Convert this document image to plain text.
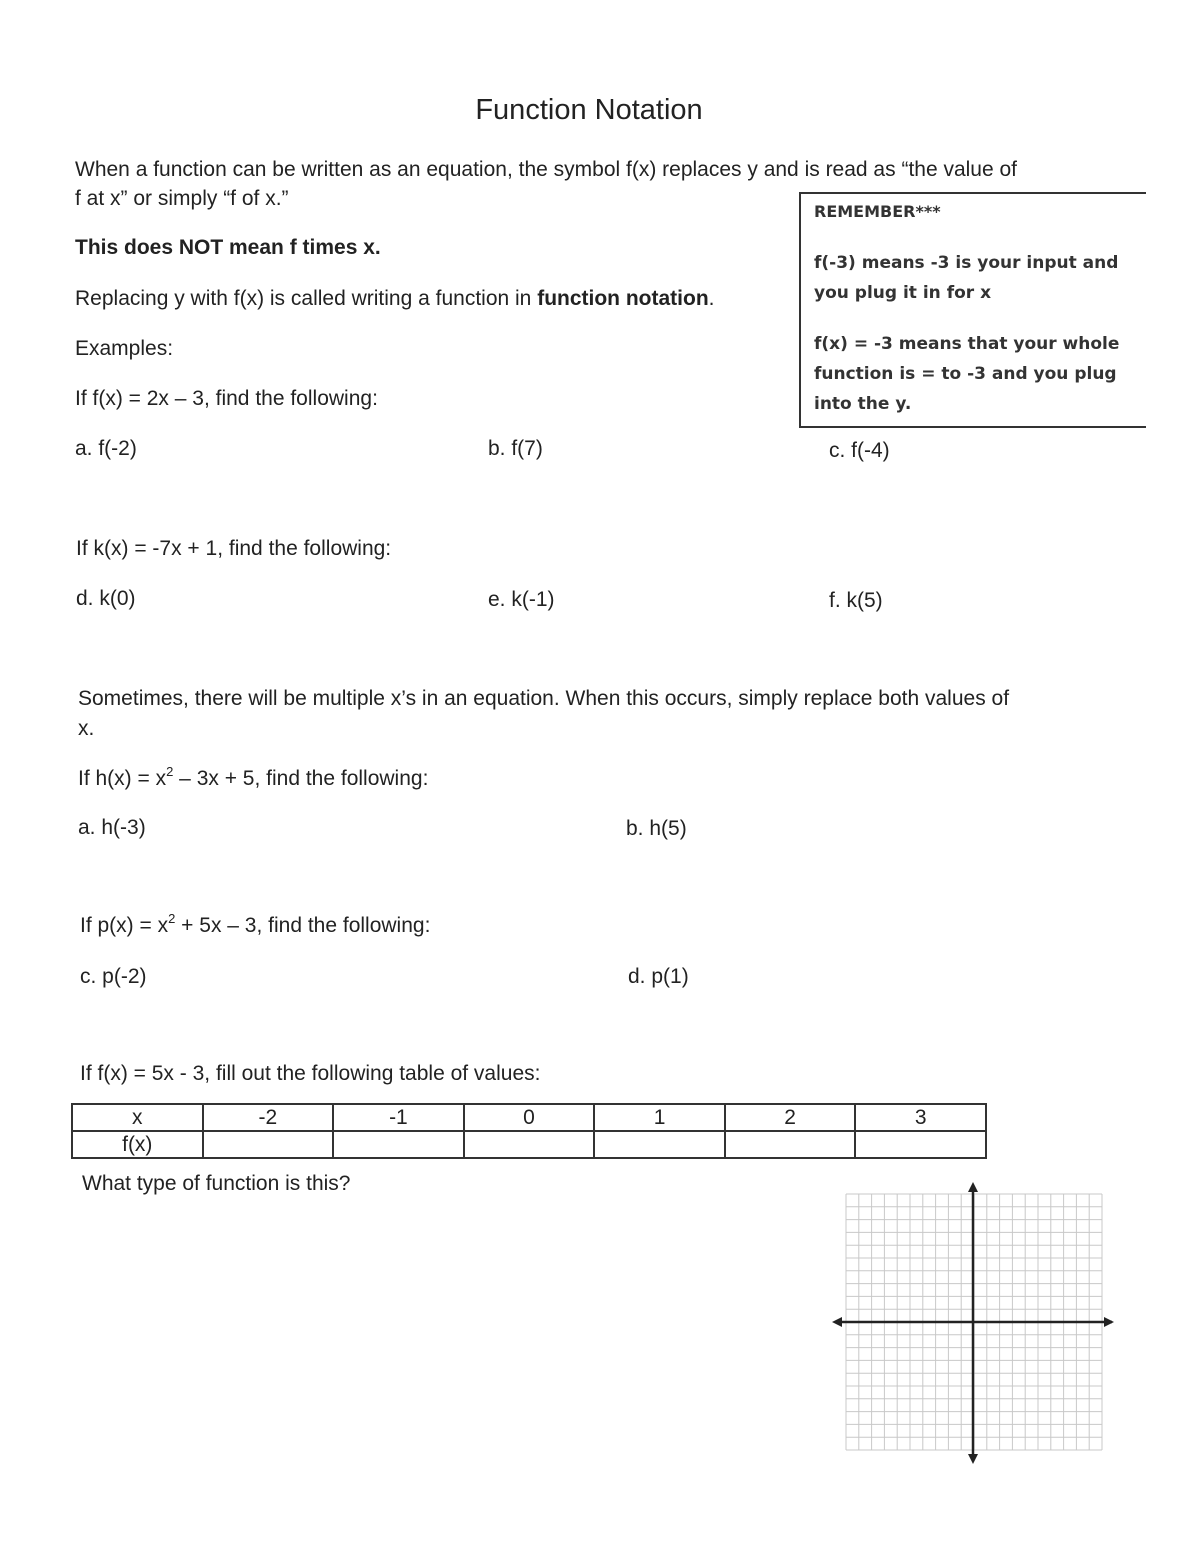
Function Notation
When a function can be written as an equation, the symbol f(x) replaces y and is read as “the value of
f at x” or simply “f of x.”
REMEMBER***
f(-3) means -3 is your input and you plug it in for x
f(x) = -3 means that your whole function is = to -3 and you plug into the y.
This does NOT mean f times x.
Replacing y with f(x) is called writing a function in function notation.
Examples:
If f(x) = 2x – 3, find the following:
a. f(-2)	b. f(7)	c. f(-4)
If k(x) = -7x + 1, find the following:
d. k(0)	e. k(-1)	f. k(5)
Sometimes, there will be multiple x’s in an equation. When this occurs, simply replace both values of
x.
If $h(x) = x^2 - 3x + 5$, find the following:
a. h(-3)	b. h(5)
If $p(x) = x^2 + 5x - 3$, find the following:
c. p(-2)	d. p(1)
If f(x) = 5x - 3, fill out the following table of values:
x	-2	-1	0	1	2	3
f(x)						
What type of function is this?
